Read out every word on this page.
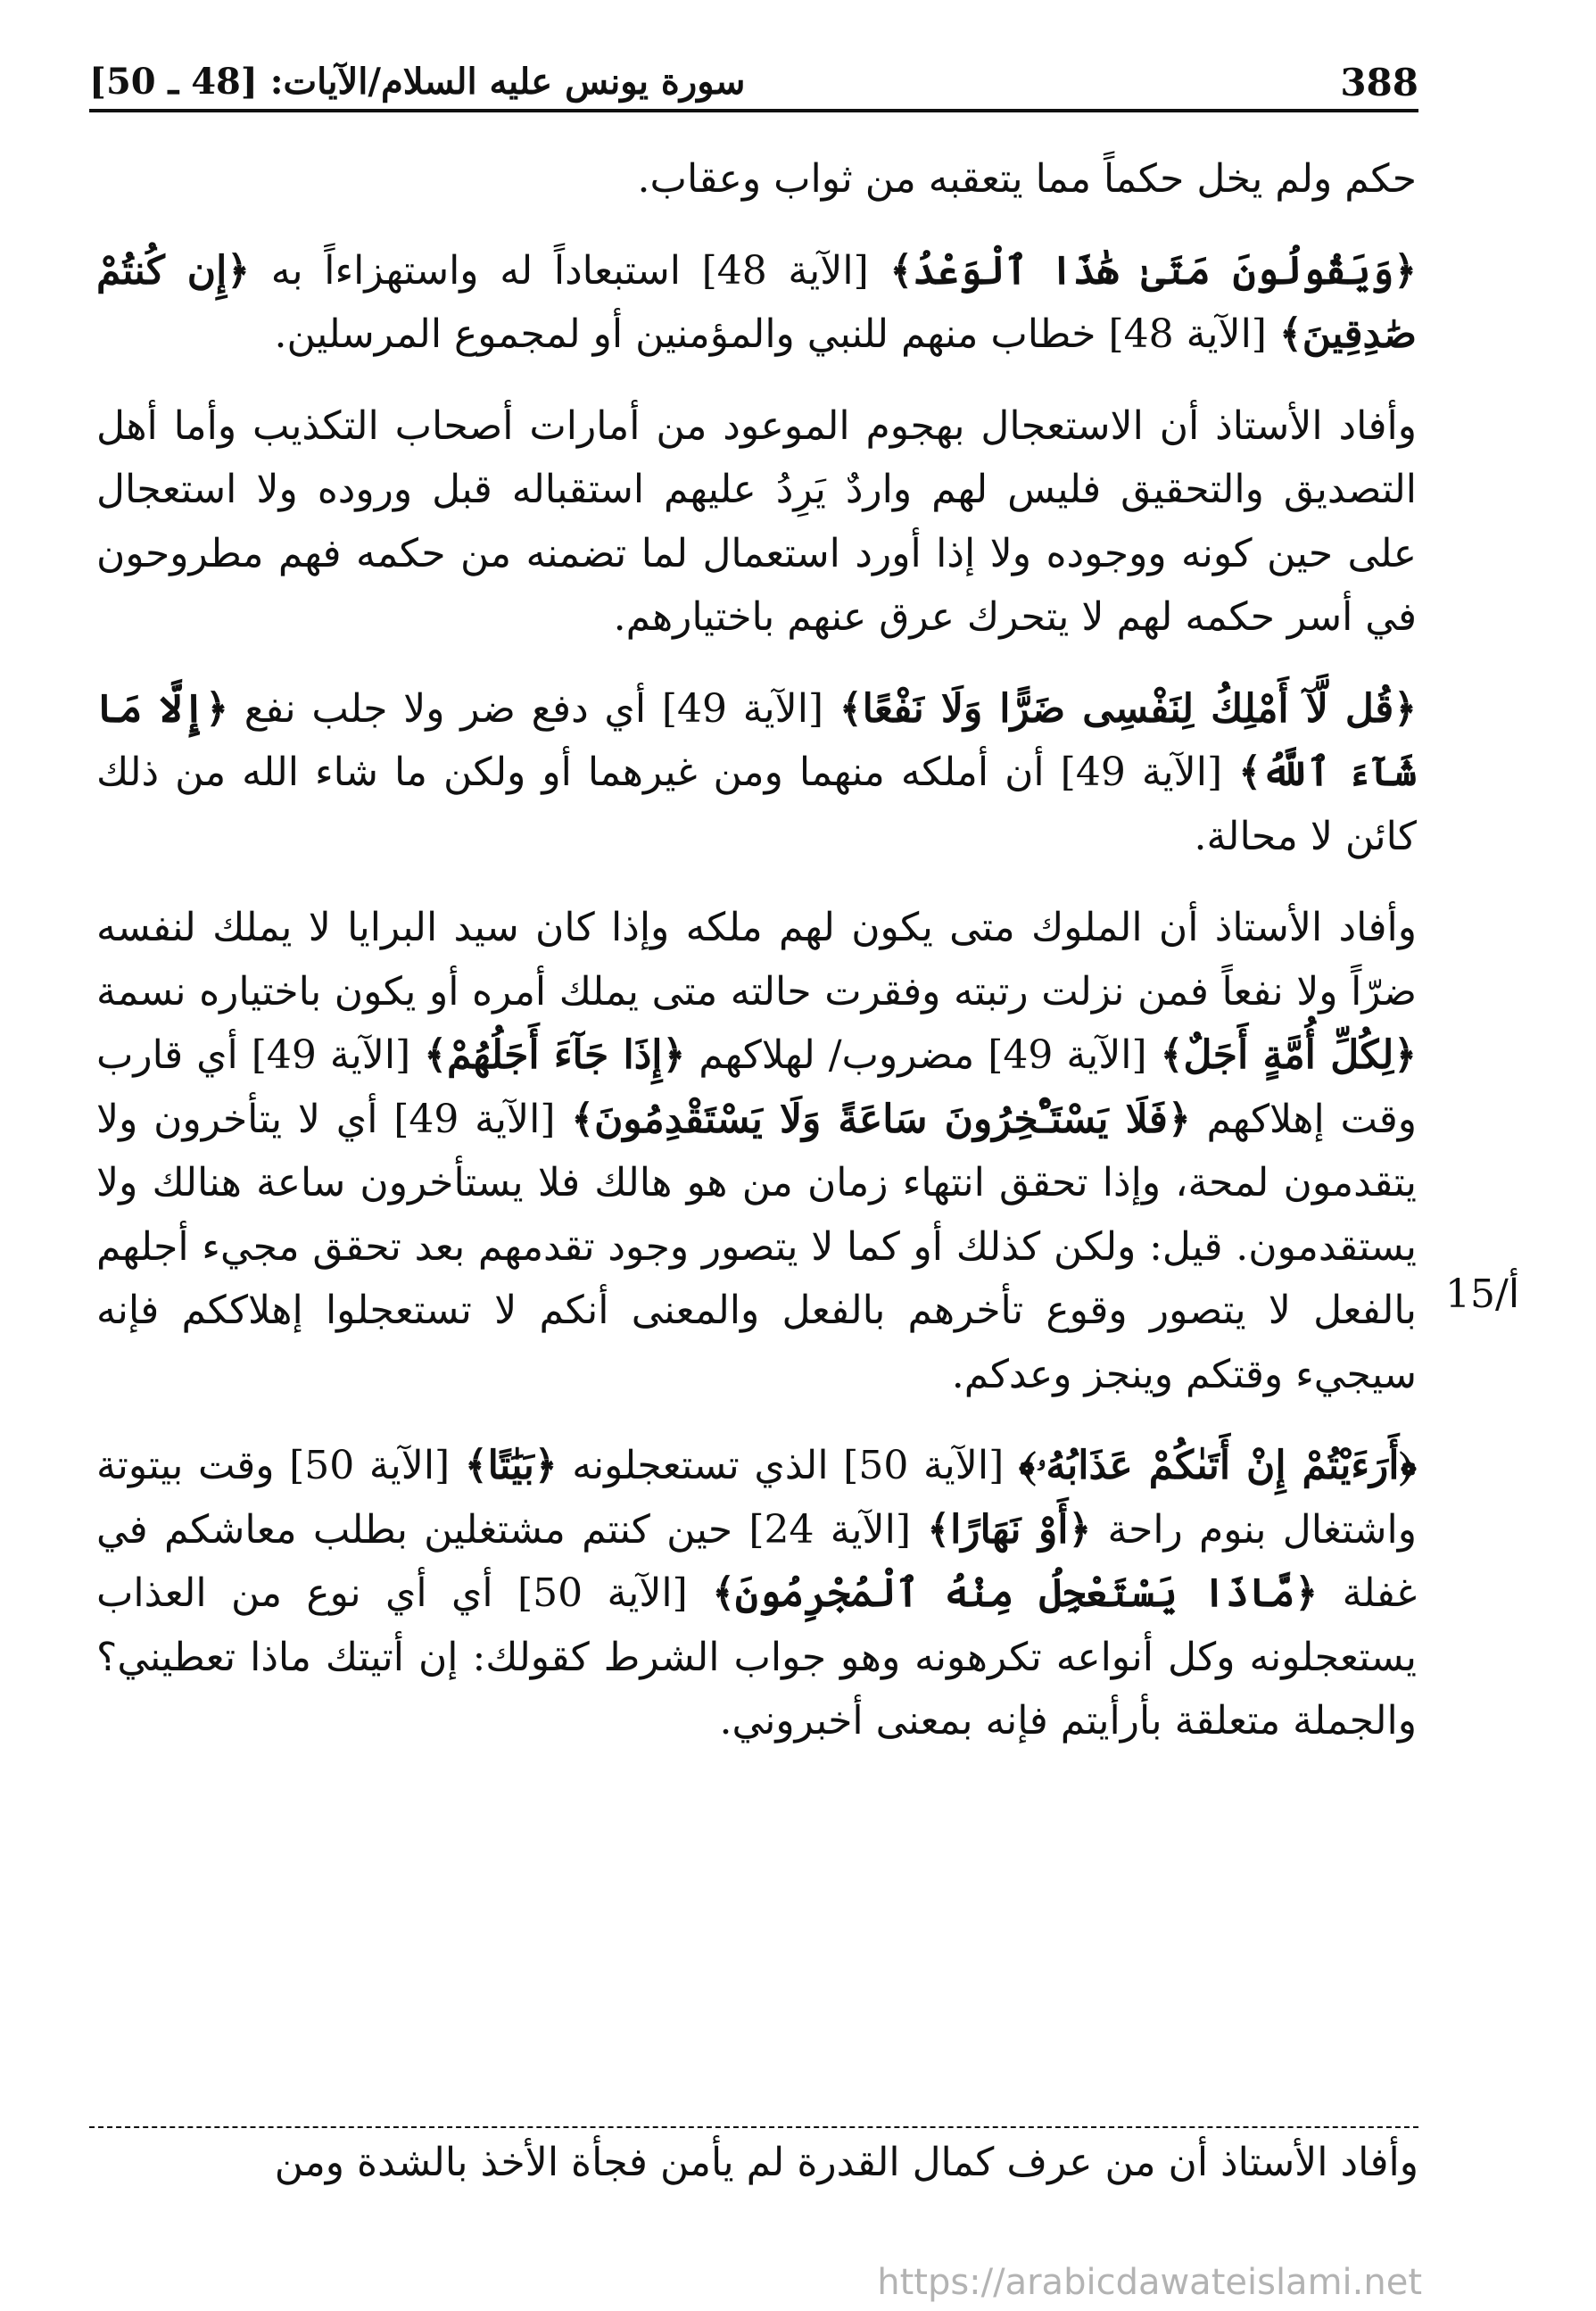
388
سورة يونس عليه السلام/الآيات: [48 ـ 50]

حكم ولم يخل حكماً مما يتعقبه من ثواب وعقاب.

﴿وَيَقُولُونَ مَتَىٰ هَٰذَا ٱلْوَعْدُ﴾ [الآية 48] استبعاداً له واستهزاءاً به ﴿إِن كُنتُمْ صَٰدِقِينَ﴾ [الآية 48] خطاب منهم للنبي والمؤمنين أو لمجموع المرسلين.

وأفاد الأستاذ أن الاستعجال بهجوم الموعود من أمارات أصحاب التكذيب وأما أهل التصديق والتحقيق فليس لهم واردٌ يَرِدُ عليهم استقباله قبل وروده ولا استعجال على حين كونه ووجوده ولا إذا أورد استعمال لما تضمنه من حكمه فهم مطروحون في أسر حكمه لهم لا يتحرك عرق عنهم باختيارهم.

﴿قُل لَّآ أَمْلِكُ لِنَفْسِى ضَرًّا وَلَا نَفْعًا﴾ [الآية 49] أي دفع ضر ولا جلب نفع ﴿إِلَّا مَا شَآءَ ٱللَّهُ﴾ [الآية 49] أن أملكه منهما ومن غيرهما أو ولكن ما شاء الله من ذلك كائن لا محالة.

وأفاد الأستاذ أن الملوك متى يكون لهم ملكه وإذا كان سيد البرايا لا يملك لنفسه ضرّاً ولا نفعاً فمن نزلت رتبته وفقرت حالته متى يملك أمره أو يكون باختياره نسمة ﴿لِكُلِّ أُمَّةٍ أَجَلٌ﴾ [الآية 49] مضروب/ لهلاكهم ﴿إِذَا جَآءَ أَجَلُهُمْ﴾ [الآية 49] أي قارب وقت إهلاكهم ﴿فَلَا يَسْتَـْٔخِرُونَ سَاعَةً وَلَا يَسْتَقْدِمُونَ﴾ [الآية 49] أي لا يتأخرون ولا يتقدمون لمحة، وإذا تحقق انتهاء زمان من هو هالك فلا يستأخرون ساعة هنالك ولا يستقدمون. قيل: ولكن كذلك أو كما لا يتصور وجود تقدمهم بعد تحقق مجيء أجلهم بالفعل لا يتصور وقوع تأخرهم بالفعل والمعنى أنكم لا تستعجلوا إهلاككم فإنه سيجيء وقتكم وينجز وعدكم.

﴿أَرَءَيْتُمْ إِنْ أَتَىٰكُمْ عَذَابُهُۥ﴾ [الآية 50] الذي تستعجلونه ﴿بَيَٰتًا﴾ [الآية 50] وقت بيتوتة واشتغال بنوم راحة ﴿أَوْ نَهَارًا﴾ [الآية 24] حين كنتم مشتغلين بطلب معاشكم في غفلة ﴿مَّاذَا يَسْتَعْجِلُ مِنْهُ ٱلْمُجْرِمُونَ﴾ [الآية 50] أي أي نوع من العذاب يستعجلونه وكل أنواعه تكرهونه وهو جواب الشرط كقولك: إن أتيتك ماذا تعطيني؟ والجملة متعلقة بأرأيتم فإنه بمعنى أخبروني.

15/أ
وأفاد الأستاذ أن من عرف كمال القدرة لم يأمن فجأة الأخذ بالشدة ومن
https://arabicdawateislami.net
